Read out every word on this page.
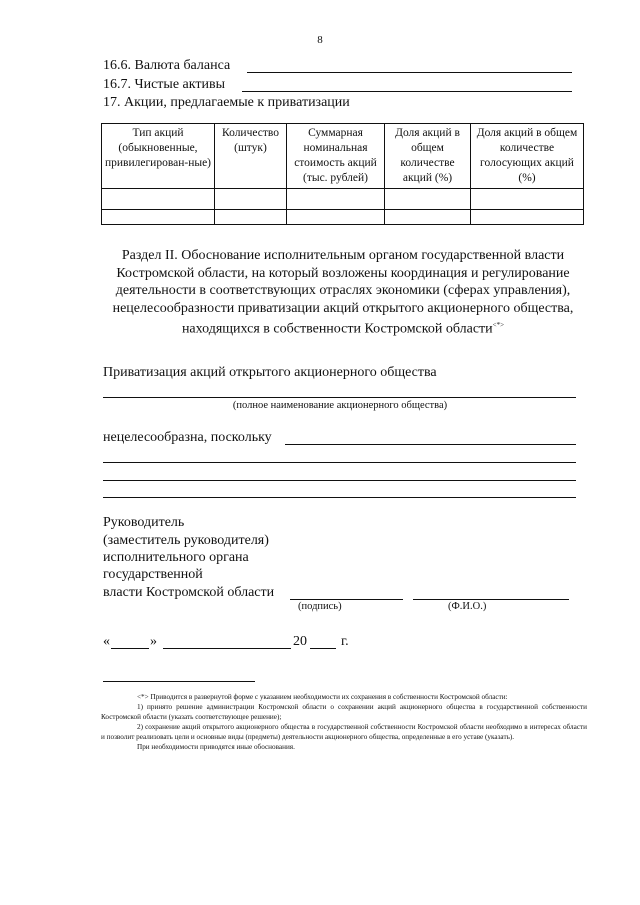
8
16.6. Валюта баланса
16.7. Чистые активы
17. Акции, предлагаемые к приватизации
Тип акций (обыкновенные, привилегирован-ные)	Количество (штук)	Суммарная номинальная стоимость акций (тыс. рублей)	Доля акций в общем количестве акций (%)	Доля акций в общем количестве голосующих акций (%)

Раздел II. Обоснование исполнительным органом государственной власти Костромской области, на который возложены координация и регулирование деятельности в соответствующих отраслях экономики (сферах управления), нецелесообразности приватизации акций открытого акционерного общества, находящихся в собственности Костромской области<*>
Приватизация акций открытого акционерного общества
(полное наименование акционерного общества)
нецелесообразна, поскольку
Руководитель
(заместитель руководителя)
исполнительного органа
государственной
власти Костромской области
(подпись)	(Ф.И.О.)
«	»	20 г.

<*> Приводится в развернутой форме с указанием необходимости их сохранения в собственности Костромской области:

1) принято решение администрации Костромской области о сохранении акций акционерного общества в государственной собственности Костромской области (указать соответствующее решение);

2) сохранение акций открытого акционерного общества в государственной собственности Костромской области необходимо в интересах области и позволит реализовать цели и основные виды (предметы) деятельности акционерного общества, определенные в его уставе (указать).

При необходимости приводятся иные обоснования.
